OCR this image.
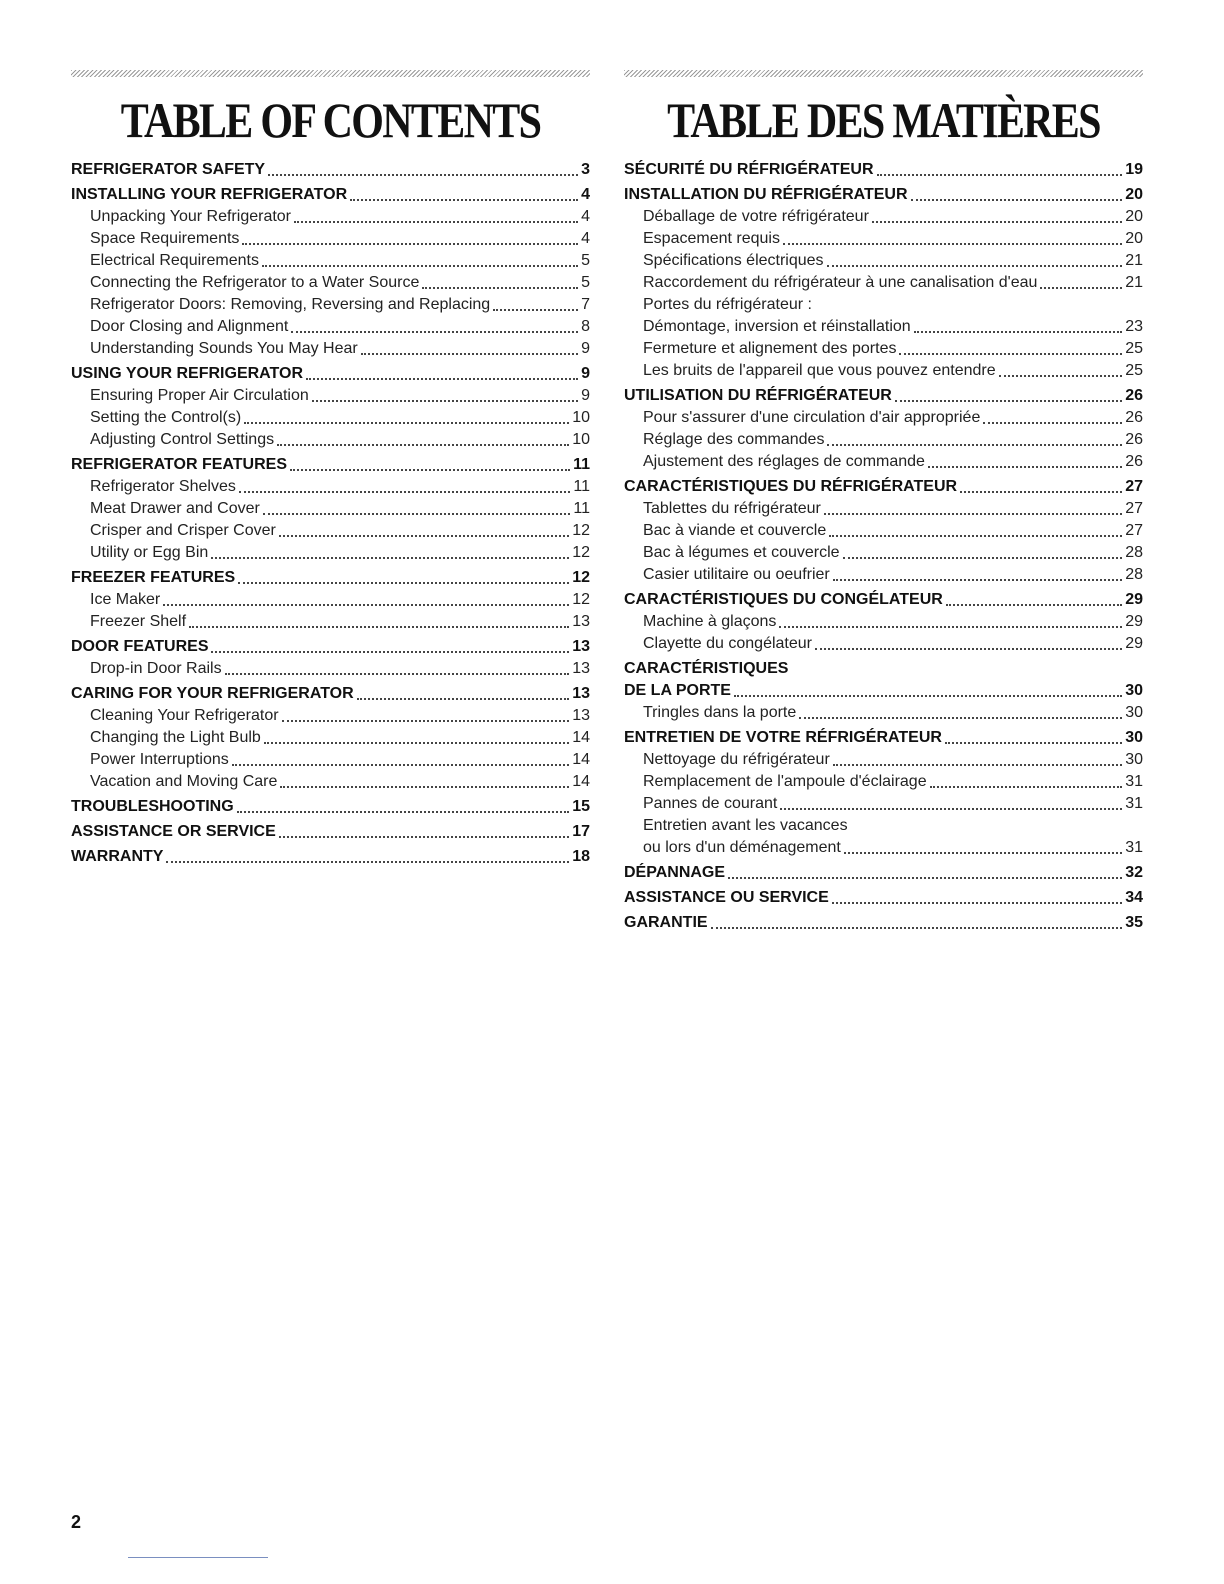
TABLE OF CONTENTS
REFRIGERATOR SAFETY	3
INSTALLING YOUR REFRIGERATOR	4
Unpacking Your Refrigerator	4
Space Requirements	4
Electrical Requirements	5
Connecting the Refrigerator to a Water Source	5
Refrigerator Doors: Removing, Reversing and Replacing	7
Door Closing and Alignment	8
Understanding Sounds You May Hear	9
USING YOUR REFRIGERATOR	9
Ensuring Proper Air Circulation	9
Setting the Control(s)	10
Adjusting Control Settings	10
REFRIGERATOR FEATURES	11
Refrigerator Shelves	11
Meat Drawer and Cover	11
Crisper and Crisper Cover	12
Utility or Egg Bin	12
FREEZER FEATURES	12
Ice Maker	12
Freezer Shelf	13
DOOR FEATURES	13
Drop-in Door Rails	13
CARING FOR YOUR REFRIGERATOR	13
Cleaning Your Refrigerator	13
Changing the Light Bulb	14
Power Interruptions	14
Vacation and Moving Care	14
TROUBLESHOOTING	15
ASSISTANCE OR SERVICE	17
WARRANTY	18
TABLE DES MATIÈRES
SÉCURITÉ DU RÉFRIGÉRATEUR	19
INSTALLATION DU RÉFRIGÉRATEUR	20
Déballage de votre réfrigérateur	20
Espacement requis	20
Spécifications électriques	21
Raccordement du réfrigérateur à une canalisation d'eau	21
Portes du réfrigérateur :
Démontage, inversion et réinstallation	23
Fermeture et alignement des portes	25
Les bruits de l'appareil que vous pouvez entendre	25
UTILISATION DU RÉFRIGÉRATEUR	26
Pour s'assurer d'une circulation d'air appropriée	26
Réglage des commandes	26
Ajustement des réglages de commande	26
CARACTÉRISTIQUES DU RÉFRIGÉRATEUR	27
Tablettes du réfrigérateur	27
Bac à viande et couvercle	27
Bac à légumes et couvercle	28
Casier utilitaire ou oeufrier	28
CARACTÉRISTIQUES DU CONGÉLATEUR	29
Machine à glaçons	29
Clayette du congélateur	29
CARACTÉRISTIQUES
DE LA PORTE	30
Tringles dans la porte	30
ENTRETIEN DE VOTRE RÉFRIGÉRATEUR	30
Nettoyage du réfrigérateur	30
Remplacement de l'ampoule d'éclairage	31
Pannes de courant	31
Entretien avant les vacances
ou lors d'un déménagement	31
DÉPANNAGE	32
ASSISTANCE OU SERVICE	34
GARANTIE	35
2
